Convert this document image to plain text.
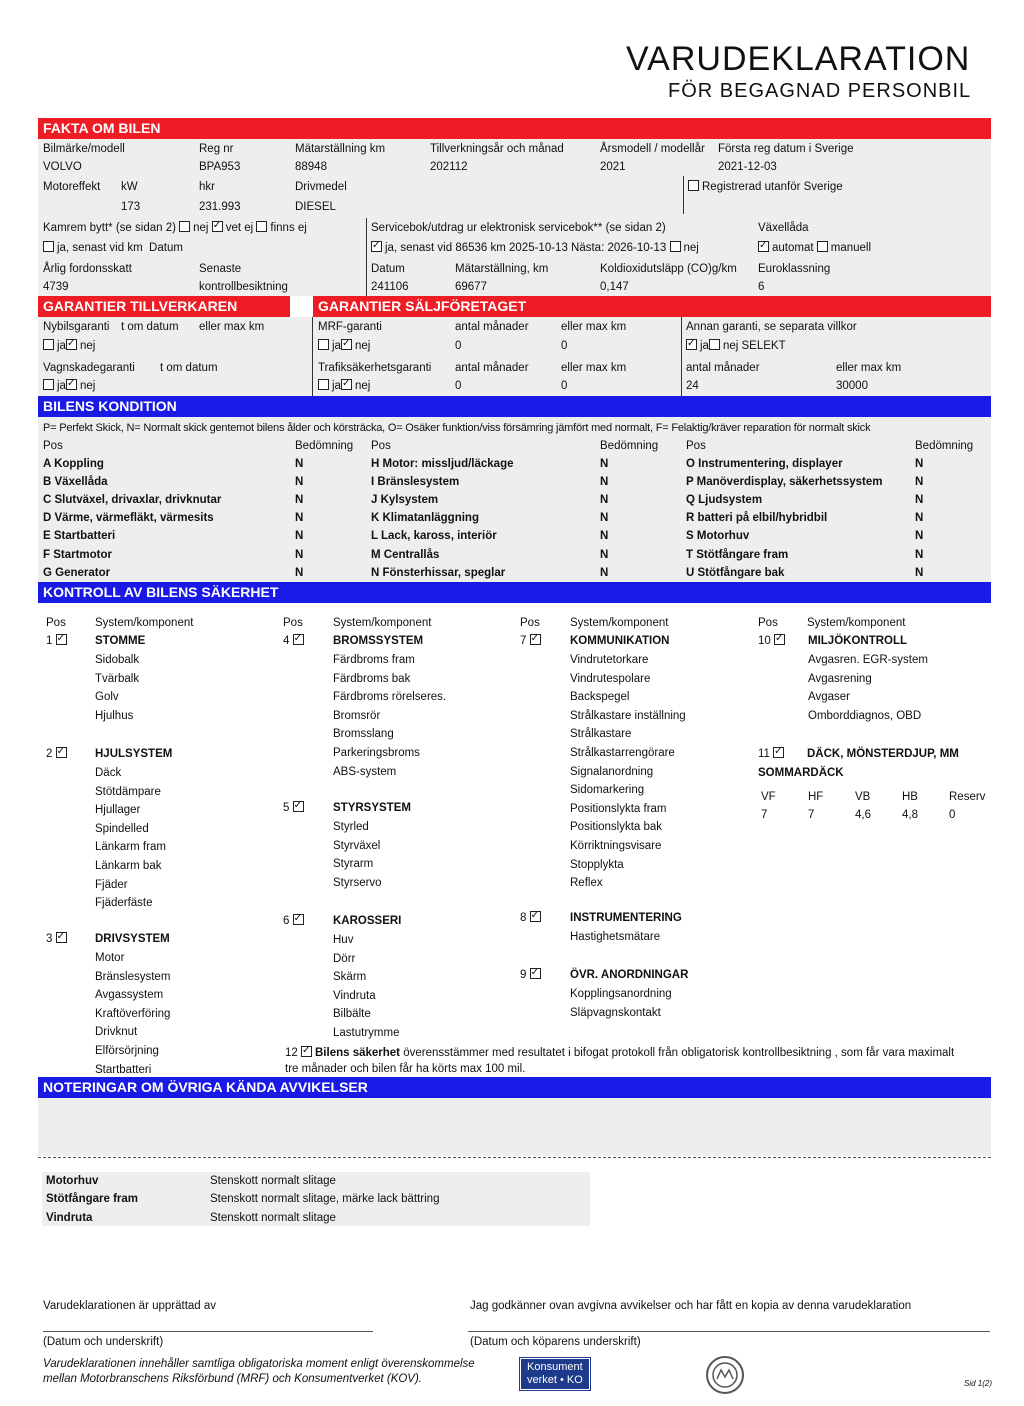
VARUDEKLARATION
FÖR BEGAGNAD PERSONBIL
FAKTA OM BILEN
Bilmärke/modell
VOLVO
Reg nr
BPA953
Mätarställning km
88948
Tillverkningsår och månad
202112
Årsmodell / modellår
2021
Första reg datum i Sverige
2021-12-03
Motoreffekt kW
173
hkr
231.993
Drivmedel
DIESEL
Registrerad utanför Sverige
Kamrem bytt* (se sidan 2) nej ✓ vet ej finns ej
ja, senast vid km Datum
Servicebok/utdrag ur elektronisk servicebok** (se sidan 2)
✓ja, senast vid 86536 km 2025-10-13 Nästa: 2026-10-13 nej
Växellåda
✓automat manuell
Årlig fordonsskatt
4739
Senaste
kontrollbesiktning
Datum
241106
Mätarställning, km
69677
Koldioxidutsläpp (CO)g/km
0,147
Euroklassning
6
GARANTIER TILLVERKAREN	GARANTIER SÄLJFÖRETAGET
Nybilsgaranti t om datum eller max km
ja ✓ nej
Vagnskadegaranti t om datum
ja ✓ nej
MRF-garanti	antal månader	eller max km
ja ✓ nej	0	0
Trafiksäkerhetsgaranti antal månader	eller max km
ja ✓ nej	0	0
Annan garanti, se separata villkor
✓ja nej SELEKT
antal månader	eller max km
24	30000
BILENS KONDITION
P= Perfekt Skick, N= Normalt skick gentemot bilens ålder och körsträcka, O= Osäker funktion/viss försämring jämfört med normalt, F= Felaktig/kräver reparation för normalt skick
Pos	Bedömning Pos	Bedömning Pos	Bedömning
A Koppling	N
B Växellåda	N
C Slutväxel, drivaxlar, drivknutar	N
D Värme, värmefläkt, värmesits	N
E Startbatteri	N
F Startmotor	N
G Generator	N
H Motor: missljud/läckage	N
I Bränslesystem	N
J Kylsystem	N
K Klimatanläggning	N
L Lack, kaross, interiör	N
M Centrallås	N
N Fönsterhissar, speglar	N
O Instrumentering, displayer	N
P Manöverdisplay, säkerhetssystem	N
Q Ljudsystem	N
R batteri på elbil/hybridbil	N
S Motorhuv	N
T Stötfångare fram	N
U Stötfångare bak	N
KONTROLL AV BILENS SÄKERHET
Pos	System/komponent	Pos	System/komponent	Pos	System/komponent	Pos	System/komponent
1 ✓	STOMME
Sidobalk
Tvärbalk
Golv
Hjulhus
2 ✓	HJULSYSTEM
Däck
Stötdämpare
Hjullager
Spindelled
Länkarm fram
Länkarm bak
Fjäder
Fjäderfäste
3 ✓	DRIVSYSTEM
Motor
Bränslesystem
Avgassystem
Kraftöverföring
Drivknut
Elförsörjning
Startbatteri
4 ✓	BROMSSYSTEM
Färdbroms fram
Färdbroms bak
Färdbroms rörelseres.
Bromsrör
Bromsslang
Parkeringsbroms
ABS-system
5 ✓	STYRSYSTEM
Styrled
Styrväxel
Styrarm
Styrservo
6 ✓	KAROSSERI
Huv
Dörr
Skärm
Vindruta
Bilbälte
Lastutrymme
7 ✓	KOMMUNIKATION
Vindrutetorkare
Vindrutespolare
Backspegel
Strålkastare inställning
Strålkastare
Strålkastarrengörare
Signalanordning
Sidomarkering
Positionslykta fram
Positionslykta bak
Körriktningsvisare
Stopplykta
Reflex
8 ✓	INSTRUMENTERING
Hastighetsmätare
9 ✓	ÖVR. ANORDNINGAR
Kopplingsanordning
Släpvagnskontakt
10 ✓	MILJÖKONTROLL
Avgasren. EGR-system
Avgasrening
Avgaser
Omborddiagnos, OBD
11 ✓	DÄCK, MÖNSTERDJUP, MM
SOMMARDÄCK
VF
7
HF
7
VB
4,6
HB
4,8
Reserv
0
12 ✓ Bilens säkerhet överensstämmer med resultatet i bifogat protokoll från obligatorisk kontrollbesiktning , som får vara maximalt
tre månader och bilen får ha körts max 100 mil.
NOTERINGAR OM ÖVRIGA KÄNDA AVVIKELSER
Motorhuv	Stenskott normalt slitage
Stötfångare fram	Stenskott normalt slitage, märke lack bättring
Vindruta	Stenskott normalt slitage
Varudeklarationen är upprättad av	Jag godkänner ovan avgivna avvikelser och har fått en kopia av denna varudeklaration
(Datum och underskrift)	(Datum och köparens underskrift)
Varudeklarationen innehåller samtliga obligatoriska moment enligt överenskommelse
mellan Motorbranschens Riksförbund (MRF) och Konsumentverket (KOV).
Konsument
verket • KO	Sid 1(2)
